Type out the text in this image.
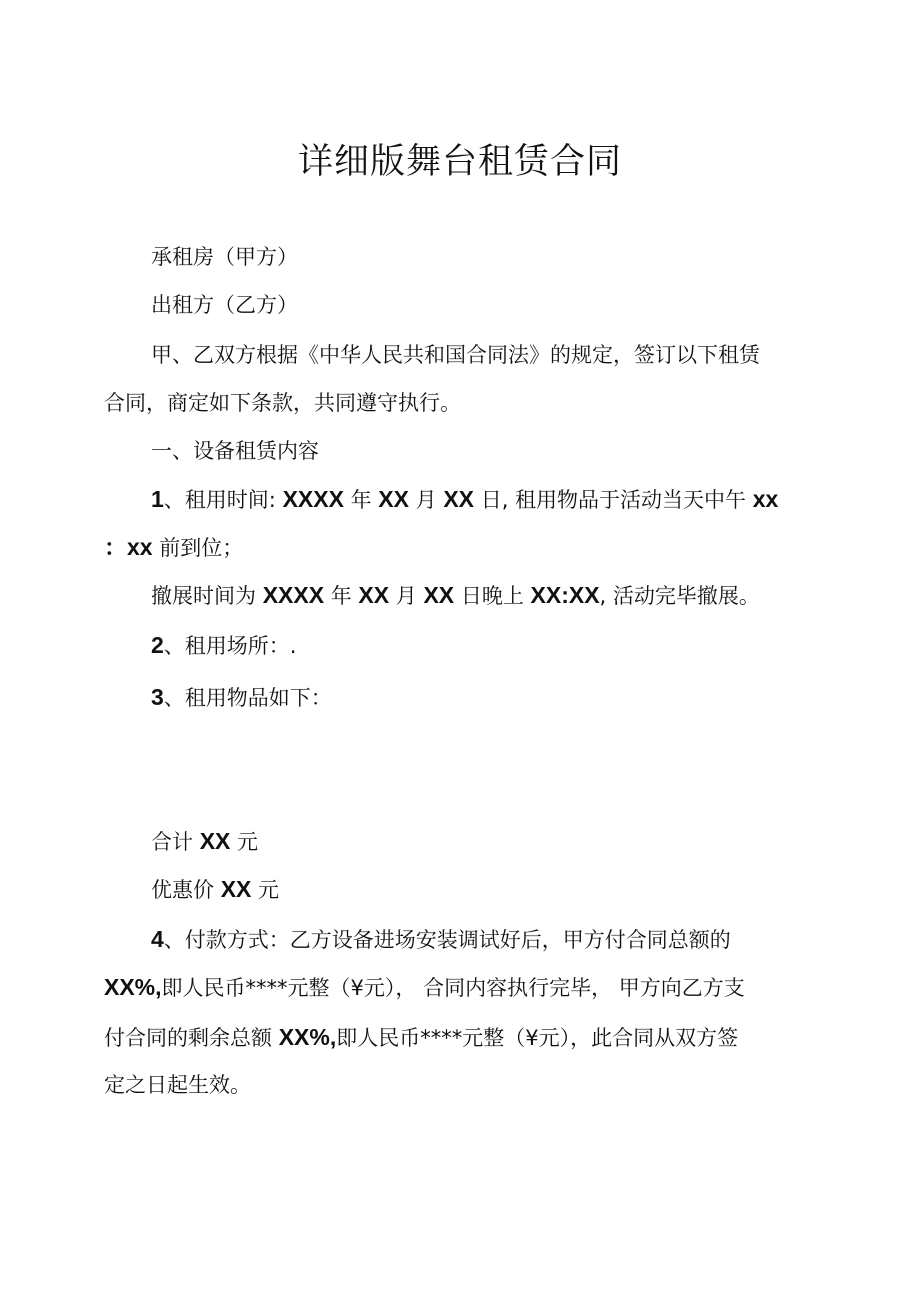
详细版舞台租赁合同
承租房（甲方）
出租方（乙方）
甲、乙双方根据《中华人民共和国合同法》的规定，签订以下租赁
合同，商定如下条款，共同遵守执行。
一、设备租赁内容
1、租用时间: XXXX 年 XX 月 XX 日, 租用物品于活动当天中午 xx
：xx 前到位；
撤展时间为 XXXX 年 XX 月 XX 日晚上 XX:XX, 活动完毕撤展。
2、租用场所：.
3、租用物品如下：
合计 XX 元
优惠价 XX 元
4、付款方式：乙方设备进场安装调试好后，甲方付合同总额的
XX%,即人民币****元整（¥元）， 合同内容执行完毕， 甲方向乙方支
付合同的剩余总额 XX%,即人民币****元整（¥元），此合同从双方签
定之日起生效。
